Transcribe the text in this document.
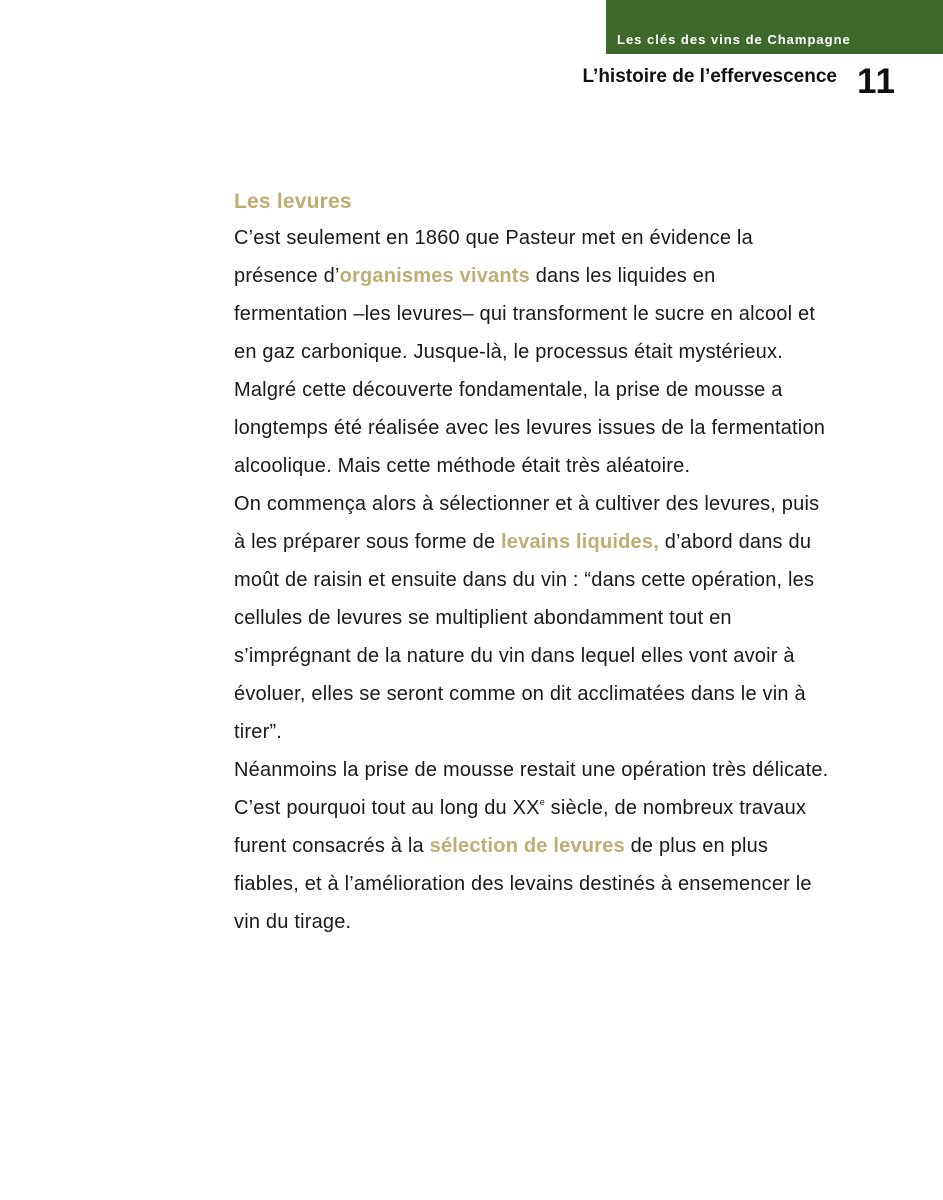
Les clés des vins de Champagne
L’histoire de l’effervescence 11
Les levures

C’est seulement en 1860 que Pasteur met en évidence la présence d’organismes vivants dans les liquides en fermentation –les levures– qui transforment le sucre en alcool et en gaz carbonique. Jusque-là, le processus était mystérieux.

Malgré cette découverte fondamentale, la prise de mousse a longtemps été réalisée avec les levures issues de la fermentation alcoolique. Mais cette méthode était très aléatoire.

On commença alors à sélectionner et à cultiver des levures, puis à les préparer sous forme de levains liquides, d’abord dans du moût de raisin et ensuite dans du vin : “dans cette opération, les cellules de levures se multiplient abondamment tout en s’imprégnant de la nature du vin dans lequel elles vont avoir à évoluer, elles se seront comme on dit acclimatées dans le vin à tirer”.

Néanmoins la prise de mousse restait une opération très délicate. C’est pourquoi tout au long du XXe siècle, de nombreux travaux furent consacrés à la sélection de levures de plus en plus fiables, et à l’amélioration des levains destinés à ensemencer le vin du tirage.
